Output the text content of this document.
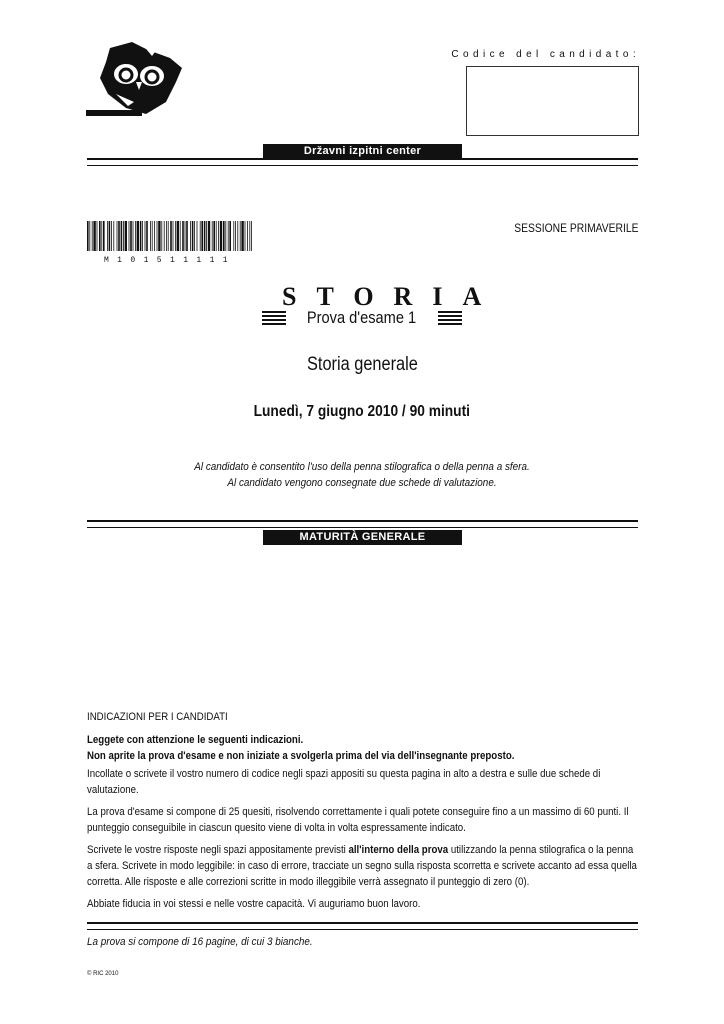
Codice del candidato:
Državni izpitni center
M101511111
SESSIONE PRIMAVERILE
STORIA
Prova d'esame 1
Storia generale
Lunedì, 7 giugno 2010 / 90 minuti
Al candidato è consentito l'uso della penna stilografica o della penna a sfera.
Al candidato vengono consegnate due schede di valutazione.
MATURITÀ GENERALE

INDICAZIONI PER I CANDIDATI

Leggete con attenzione le seguenti indicazioni.

Non aprite la prova d'esame e non iniziate a svolgerla prima del via dell'insegnante preposto.

Incollate o scrivete il vostro numero di codice negli spazi appositi su questa pagina in alto a destra e sulle due schede di valutazione.

La prova d'esame si compone di 25 quesiti, risolvendo correttamente i quali potete conseguire fino a un massimo di 60 punti. Il punteggio conseguibile in ciascun quesito viene di volta in volta espressamente indicato.

Scrivete le vostre risposte negli spazi appositamente previsti all'interno della prova utilizzando la penna stilografica o la penna a sfera. Scrivete in modo leggibile: in caso di errore, tracciate un segno sulla risposta scorretta e scrivete accanto ad essa quella corretta. Alle risposte e alle correzioni scritte in modo illeggibile verrà assegnato il punteggio di zero (0).

Abbiate fiducia in voi stessi e nelle vostre capacità. Vi auguriamo buon lavoro.

La prova si compone di 16 pagine, di cui 3 bianche.
© RIC 2010
